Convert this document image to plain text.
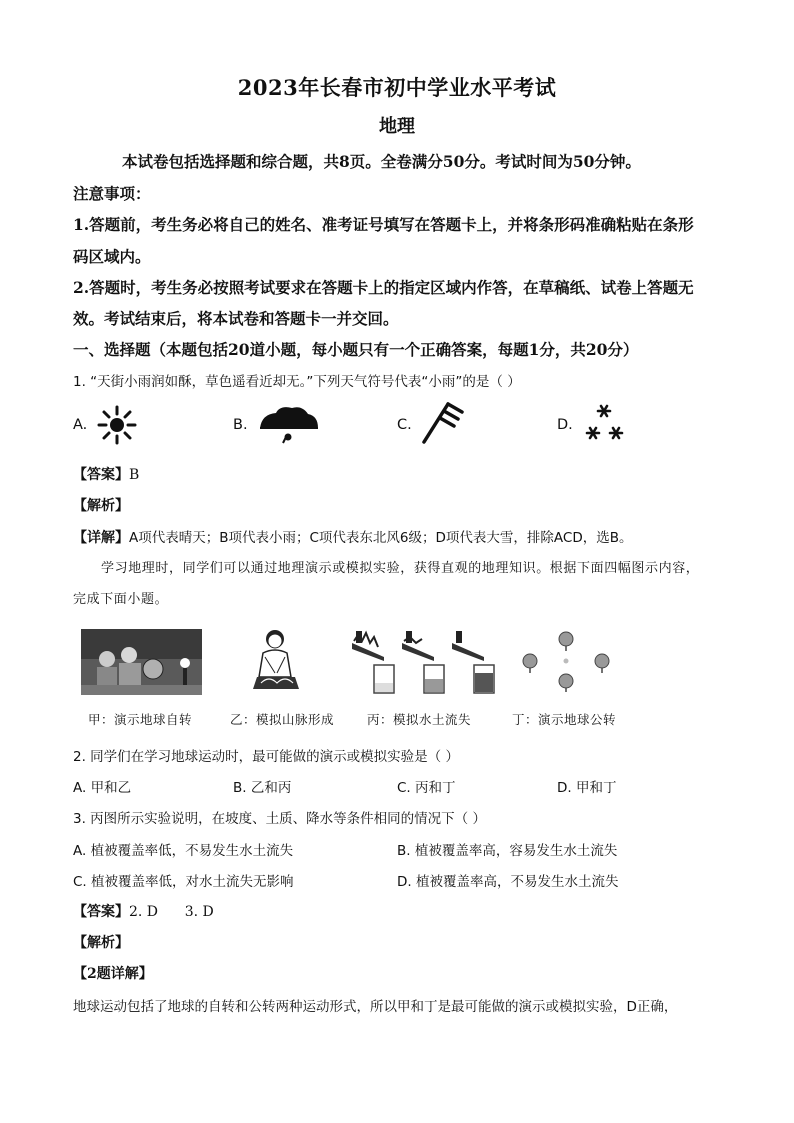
2023年长春市初中学业水平考试
地理
本试卷包括选择题和综合题，共8页。全卷满分50分。考试时间为50分钟。
注意事项：
1.答题前，考生务必将自己的姓名、准考证号填写在答题卡上，并将条形码准确粘贴在条形
码区域内。
2.答题时，考生务必按照考试要求在答题卡上的指定区域内作答，在草稿纸、试卷上答题无
效。考试结束后，将本试卷和答题卡一并交回。
一、选择题（本题包括20道小题，每小题只有一个正确答案，每题1分，共20分）
1. “天街小雨润如酥，草色遥看近却无。”下列天气符号代表“小雨”的是（ ）
A.	B.	C.	D.
【答案】B
【解析】
【详解】A项代表晴天；B项代表小雨；C项代表东北风6级；D项代表大雪，排除ACD，选B。
学习地理时，同学们可以通过地理演示或模拟实验，获得直观的地理知识。根据下面四幅图示内容，
完成下面小题。
甲：演示地球自转	乙：模拟山脉形成	丙：模拟水土流失	丁：演示地球公转
2. 同学们在学习地球运动时，最可能做的演示或模拟实验是（ ）
A. 甲和乙	B. 乙和丙	C. 丙和丁	D. 甲和丁
3. 丙图所示实验说明，在坡度、土质、降水等条件相同的情况下（ ）
A. 植被覆盖率低，不易发生水土流失	B. 植被覆盖率高，容易发生水土流失
C. 植被覆盖率低，对水土流失无影响	D. 植被覆盖率高，不易发生水土流失
【答案】2. D      3. D
【解析】
【2题详解】
地球运动包括了地球的自转和公转两种运动形式，所以甲和丁是最可能做的演示或模拟实验，D正确，
